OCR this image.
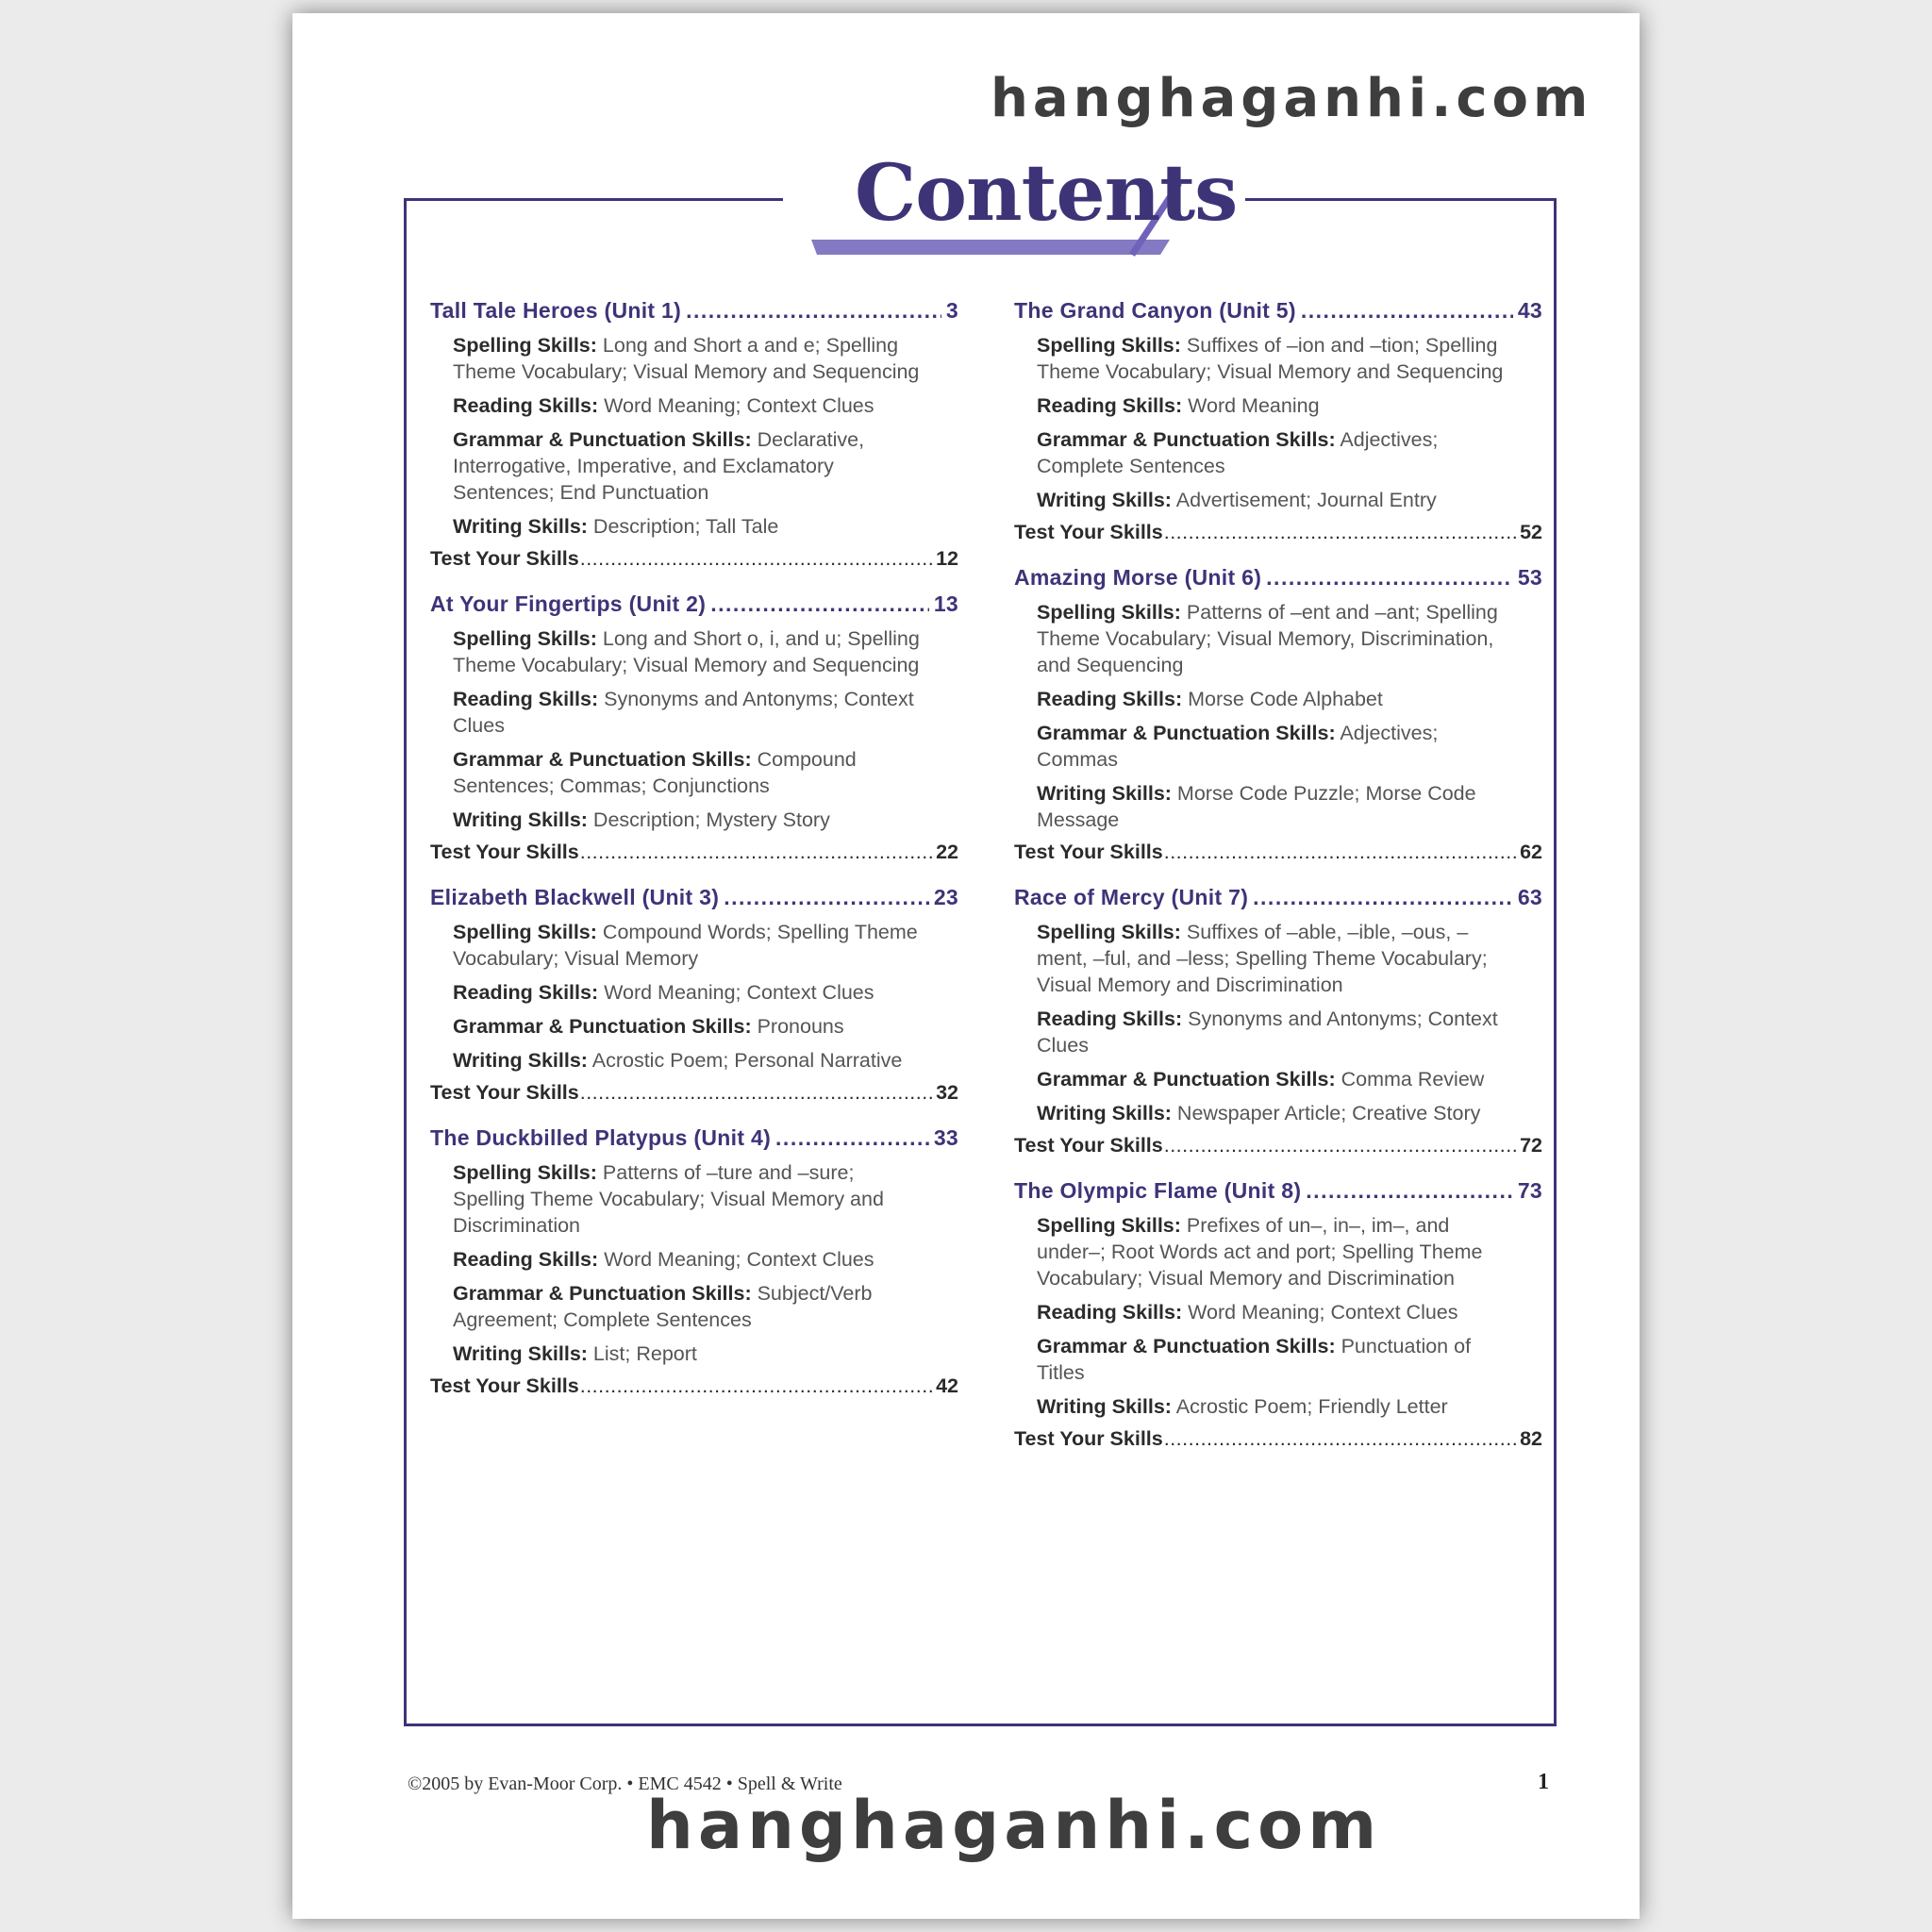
hanghaganhi.com
Contents
Tall Tale Heroes (Unit 1) .....	3
Spelling Skills: Long and Short a and e; Spelling Theme Vocabulary; Visual Memory and Sequencing
Reading Skills: Word Meaning; Context Clues
Grammar & Punctuation Skills: Declarative, Interrogative, Imperative, and Exclamatory Sentences; End Punctuation
Writing Skills: Description; Tall Tale
Test Your Skills .....	12
At Your Fingertips (Unit 2) .....	13
Spelling Skills: Long and Short o, i, and u; Spelling Theme Vocabulary; Visual Memory and Sequencing
Reading Skills: Synonyms and Antonyms; Context Clues
Grammar & Punctuation Skills: Compound Sentences; Commas; Conjunctions
Writing Skills: Description; Mystery Story
Test Your Skills .....	22
Elizabeth Blackwell (Unit 3) .....	23
Spelling Skills: Compound Words; Spelling Theme Vocabulary; Visual Memory
Reading Skills: Word Meaning; Context Clues
Grammar & Punctuation Skills: Pronouns
Writing Skills: Acrostic Poem; Personal Narrative
Test Your Skills .....	32
The Duckbilled Platypus (Unit 4) .....	33
Spelling Skills: Patterns of –ture and –sure; Spelling Theme Vocabulary; Visual Memory and Discrimination
Reading Skills: Word Meaning; Context Clues
Grammar & Punctuation Skills: Subject/Verb Agreement; Complete Sentences
Writing Skills: List; Report
Test Your Skills .....	42
The Grand Canyon (Unit 5) .....	43
Spelling Skills: Suffixes of –ion and –tion; Spelling Theme Vocabulary; Visual Memory and Sequencing
Reading Skills: Word Meaning
Grammar & Punctuation Skills: Adjectives; Complete Sentences
Writing Skills: Advertisement; Journal Entry
Test Your Skills .....	52
Amazing Morse (Unit 6) .....	53
Spelling Skills: Patterns of –ent and –ant; Spelling Theme Vocabulary; Visual Memory, Discrimination, and Sequencing
Reading Skills: Morse Code Alphabet
Grammar & Punctuation Skills: Adjectives; Commas
Writing Skills: Morse Code Puzzle; Morse Code Message
Test Your Skills .....	62
Race of Mercy (Unit 7) .....	63
Spelling Skills: Suffixes of –able, –ible, –ous, –ment, –ful, and –less; Spelling Theme Vocabulary; Visual Memory and Discrimination
Reading Skills: Synonyms and Antonyms; Context Clues
Grammar & Punctuation Skills: Comma Review
Writing Skills: Newspaper Article; Creative Story
Test Your Skills .....	72
The Olympic Flame (Unit 8) .....	73
Spelling Skills: Prefixes of un–, in–, im–, and under–; Root Words act and port; Spelling Theme Vocabulary; Visual Memory and Discrimination
Reading Skills: Word Meaning; Context Clues
Grammar & Punctuation Skills: Punctuation of Titles
Writing Skills: Acrostic Poem; Friendly Letter
Test Your Skills .....	82
©2005 by Evan-Moor Corp. • EMC 4542 • Spell & Write	1
hanghaganhi.com
